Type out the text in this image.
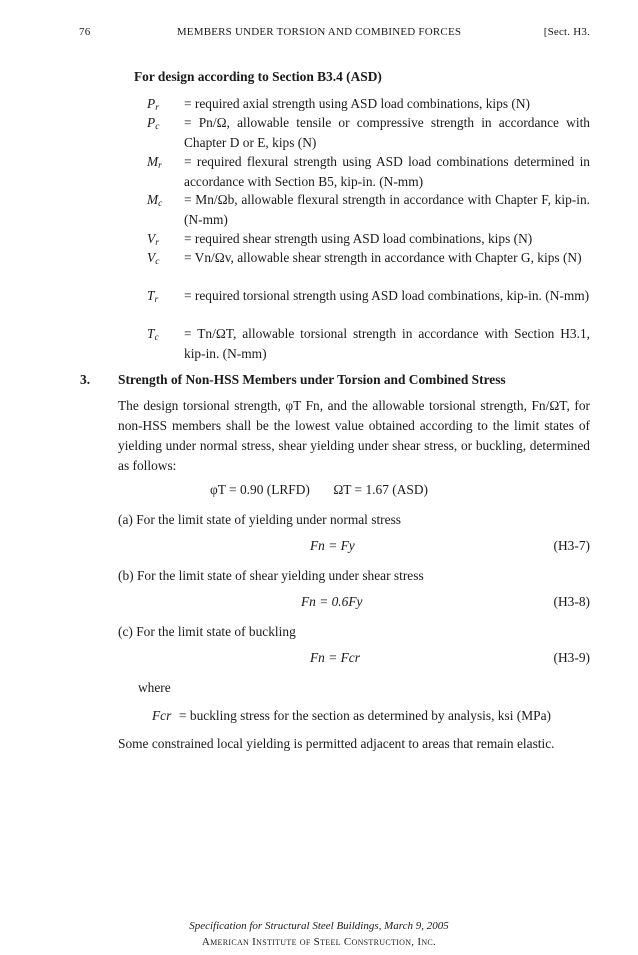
76	MEMBERS UNDER TORSION AND COMBINED FORCES	[Sect. H3.
For design according to Section B3.4 (ASD)
$P_r$	= required axial strength using ASD load combinations, kips (N)
$P_c$	= Pn/Ω, allowable tensile or compressive strength in accordance with Chapter D or E, kips (N)
$M_r$	= required flexural strength using ASD load combinations determined in accordance with Section B5, kip-in. (N-mm)
$M_c$	= Mn/Ωb, allowable flexural strength in accordance with Chapter F, kip-in. (N-mm)
$V_r$	= required shear strength using ASD load combinations, kips (N)
$V_c$	= Vn/Ωv, allowable shear strength in accordance with Chapter G, kips (N)
$T_r$	= required torsional strength using ASD load combinations, kip-in. (N-mm)
$T_c$	= Tn/ΩT, allowable torsional strength in accordance with Section H3.1, kip-in. (N-mm)
3. Strength of Non-HSS Members under Torsion and Combined Stress
The design torsional strength, φT Fn, and the allowable torsional strength, Fn/ΩT, for non-HSS members shall be the lowest value obtained according to the limit states of yielding under normal stress, shear yielding under shear stress, or buckling, determined as follows:
φT = 0.90 (LRFD)       ΩT = 1.67 (ASD)
(a) For the limit state of yielding under normal stress
Fn = Fy	(H3-7)
(b) For the limit state of shear yielding under shear stress
Fn = 0.6Fy	(H3-8)
(c) For the limit state of buckling
Fn = Fcr	(H3-9)
where
Fcr = buckling stress for the section as determined by analysis, ksi (MPa)
Some constrained local yielding is permitted adjacent to areas that remain elastic.
Specification for Structural Steel Buildings, March 9, 2005
American Institute of Steel Construction, Inc.
